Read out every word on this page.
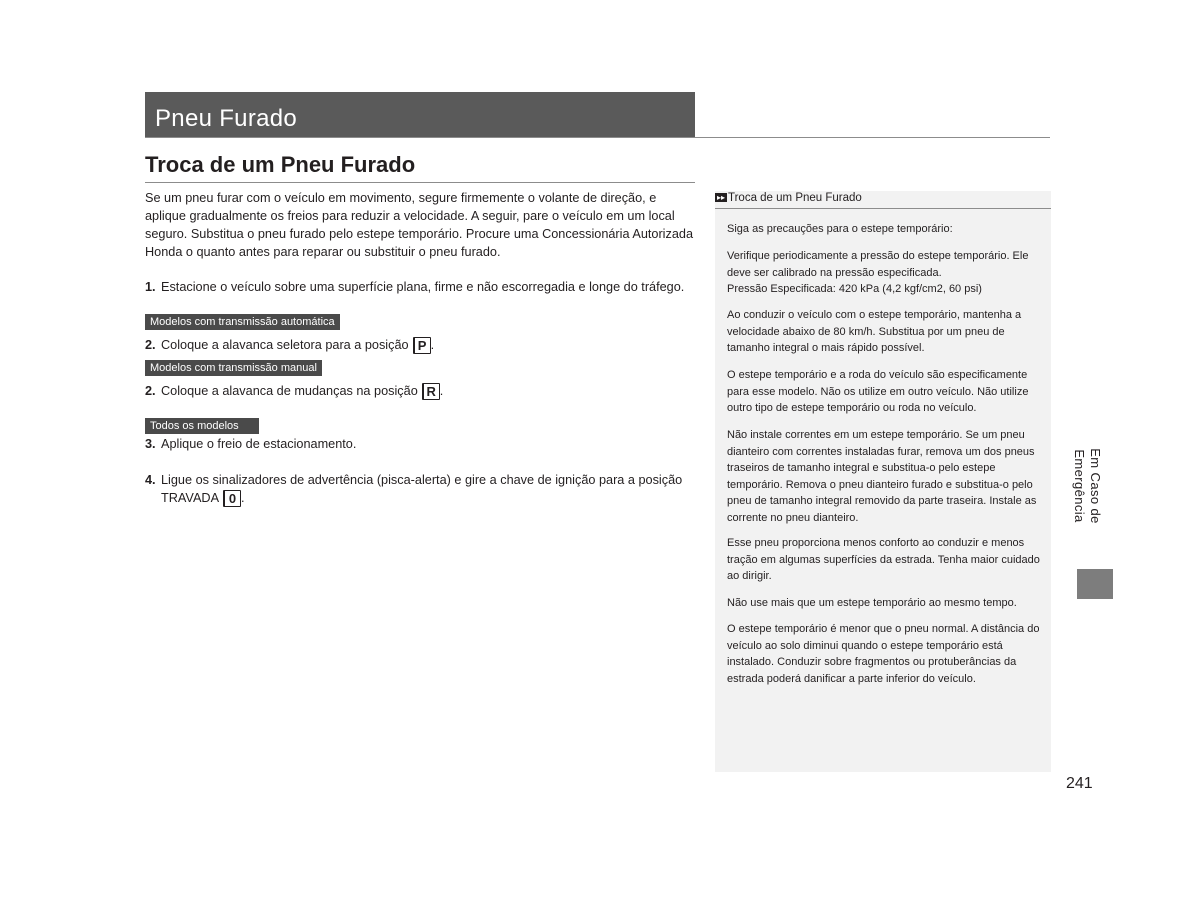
Pneu Furado
Troca de um Pneu Furado
Se um pneu furar com o veículo em movimento, segure firmemente o volante de direção, e aplique gradualmente os freios para reduzir a velocidade. A seguir, pare o veículo em um local seguro. Substitua o pneu furado pelo estepe temporário. Procure uma Concessionária Autorizada Honda o quanto antes para reparar ou substituir o pneu furado.
1. Estacione o veículo sobre uma superfície plana, firme e não escorregadia e longe do tráfego.
Modelos com transmissão automática
2. Coloque a alavanca seletora para a posição P .
Modelos com transmissão manual
2. Coloque a alavanca de mudanças na posição R .
Todos os modelos
3. Aplique o freio de estacionamento.
4. Ligue os sinalizadores de advertência (pisca-alerta) e gire a chave de ignição para a posição
TRAVADA 0 .
▸▸ Troca de um Pneu Furado
Siga as precauções para o estepe temporário:
Verifique periodicamente a pressão do estepe temporário. Ele deve ser calibrado na pressão especificada.
Pressão Especificada: 420 kPa (4,2 kgf/cm2, 60 psi)
Ao conduzir o veículo com o estepe temporário, mantenha a velocidade abaixo de 80 km/h. Substitua por um pneu de tamanho integral o mais rápido possível.
O estepe temporário e a roda do veículo são especificamente para esse modelo. Não os utilize em outro veículo. Não utilize outro tipo de estepe temporário ou roda no veículo.
Não instale correntes em um estepe temporário. Se um pneu dianteiro com correntes instaladas furar, remova um dos pneus traseiros de tamanho integral e substitua-o pelo estepe temporário. Remova o pneu dianteiro furado e substitua-o pelo pneu de tamanho integral removido da parte traseira. Instale as corrente no pneu dianteiro.
Esse pneu proporciona menos conforto ao conduzir e menos tração em algumas superfícies da estrada. Tenha maior cuidado ao dirigir.
Não use mais que um estepe temporário ao mesmo tempo.
O estepe temporário é menor que o pneu normal. A distância do veículo ao solo diminui quando o estepe temporário está instalado. Conduzir sobre fragmentos ou protuberâncias da estrada poderá danificar a parte inferior do veículo.
Em Caso de Emergência
241
